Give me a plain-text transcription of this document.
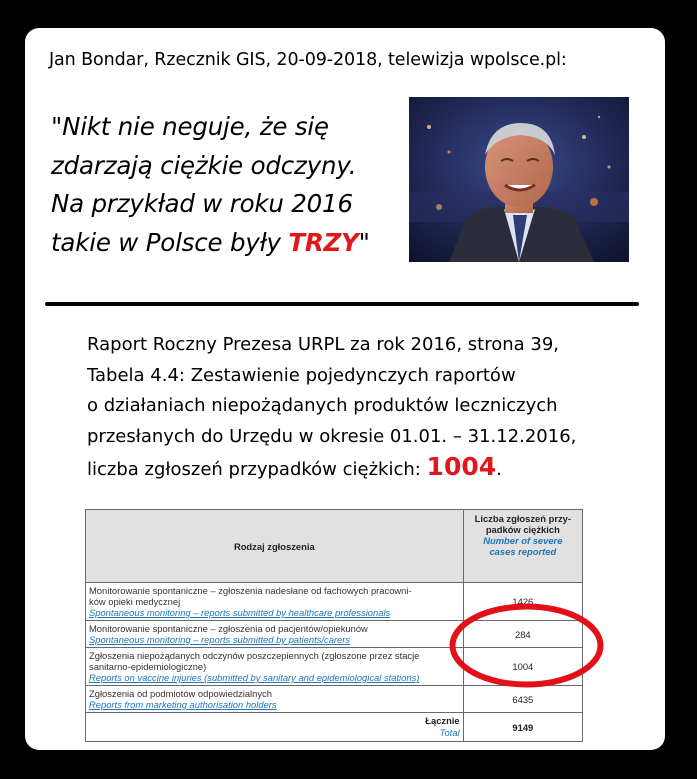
Jan Bondar, Rzecznik GIS, 20-09-2018, telewizja wpolsce.pl:
"Nikt nie neguje, że się
zdarzają ciężkie odczyny.
Na przykład w roku 2016
takie w Polsce były TRZY"
Raport Roczny Prezesa URPL za rok 2016, strona 39,
Tabela 4.4: Zestawienie pojedynczych raportów
o działaniach niepożądanych produktów leczniczych
przesłanych do Urzędu w okresie 01.01. – 31.12.2016,
liczba zgłoszeń przypadków ciężkich: 1004.
Rodzaj zgłoszenia	Liczba zgłoszeń przy-
padków ciężkich
Number of severe
cases reported

Monitorowanie spontaniczne – zgłoszenia nadesłane od fachowych pracowni-
ków opieki medycznej
Spontaneous monitoring – reports submitted by healthcare professionals	1426

Monitorowanie spontaniczne – zgłoszenia od pacjentów/opiekunów
Spontaneous monitoring – reports submitted by patients/carers	284

Zgłoszenia niepożądanych odczynów poszczepiennych (zgłoszone przez stacje
sanitarno-epidemiologiczne)
Reports on vaccine injuries (submitted by sanitary and epidemiological stations)	1004

Zgłoszenia od podmiotów odpowiedzialnych
Reports from marketing authorisation holders	6435

Łącznie
Total	9149
